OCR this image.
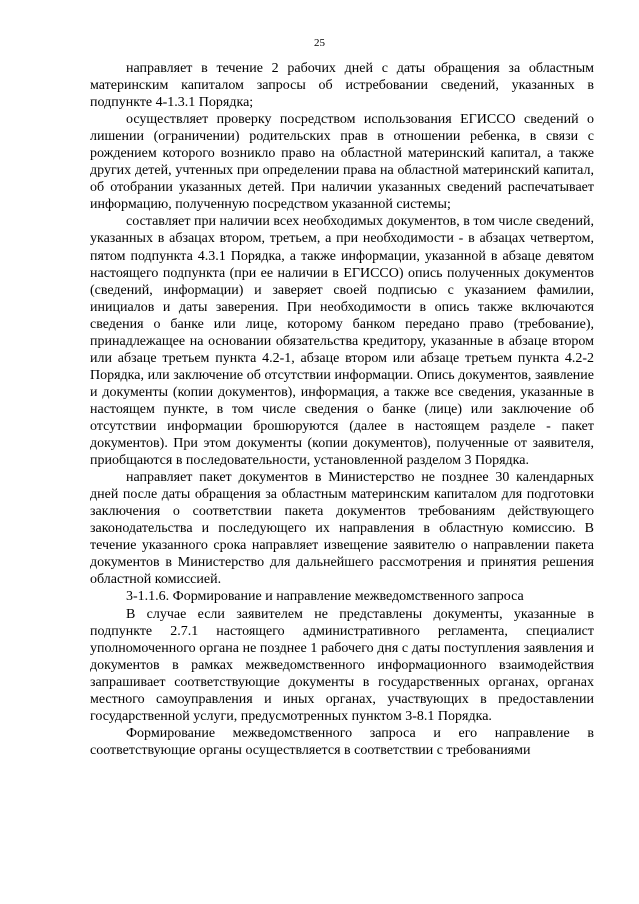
25

направляет в течение 2 рабочих дней с даты обращения за областным материнским капиталом запросы об истребовании сведений, указанных в подпункте 4-1.3.1 Порядка;

осуществляет проверку посредством использования ЕГИССО сведений о лишении (ограничении) родительских прав в отношении ребенка, в связи с рождением которого возникло право на областной материнский капитал, а также других детей, учтенных при определении права на областной материнский капитал, об отобрании указанных детей. При наличии указанных сведений распечатывает информацию, полученную посредством указанной системы;

составляет при наличии всех необходимых документов, в том числе сведений, указанных в абзацах втором, третьем, а при необходимости - в абзацах четвертом, пятом подпункта 4.3.1 Порядка, а также информации, указанной в абзаце девятом настоящего подпункта (при ее наличии в ЕГИССО) опись полученных документов (сведений, информации) и заверяет своей подписью с указанием фамилии, инициалов и даты заверения. При необходимости в опись также включаются сведения о банке или лице, которому банком передано право (требование), принадлежащее на основании обязательства кредитору, указанные в абзаце втором или абзаце третьем пункта 4.2-1, абзаце втором или абзаце третьем пункта 4.2-2 Порядка, или заключение об отсутствии информации. Опись документов, заявление и документы (копии документов), информация, а также все сведения, указанные в настоящем пункте, в том числе сведения о банке (лице) или заключение об отсутствии информации брошюруются (далее в настоящем разделе - пакет документов). При этом документы (копии документов), полученные от заявителя, приобщаются в последовательности, установленной разделом 3 Порядка.

направляет пакет документов в Министерство не позднее 30 календарных дней после даты обращения за областным материнским капиталом для подготовки заключения о соответствии пакета документов требованиям действующего законодательства и последующего их направления в областную комиссию. В течение указанного срока направляет извещение заявителю о направлении пакета документов в Министерство для дальнейшего рассмотрения и принятия решения областной комиссией.

3-1.1.6. Формирование и направление межведомственного запроса

В случае если заявителем не представлены документы, указанные в подпункте 2.7.1 настоящего административного регламента, специалист уполномоченного органа не позднее 1 рабочего дня с даты поступления заявления и документов в рамках межведомственного информационного взаимодействия запрашивает соответствующие документы в государственных органах, органах местного самоуправления и иных органах, участвующих в предоставлении государственной услуги, предусмотренных пунктом 3-8.1 Порядка.

Формирование межведомственного запроса и его направление в соответствующие органы осуществляется в соответствии с требованиями
